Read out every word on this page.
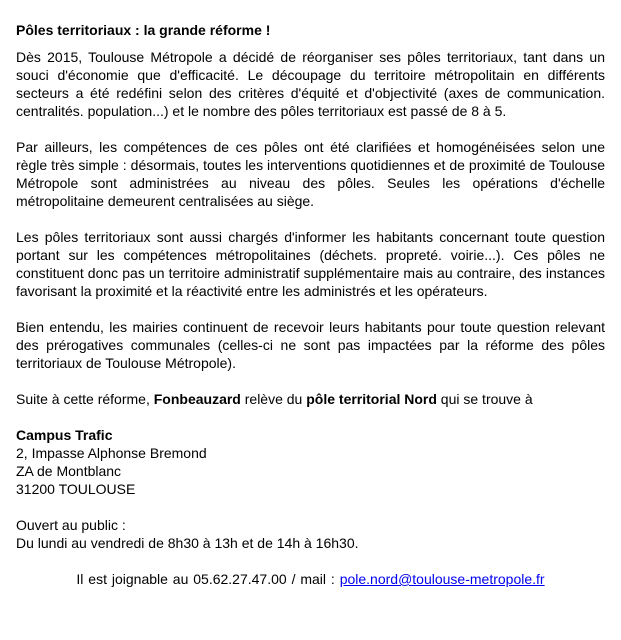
Pôles territoriaux : la grande réforme !

Dès 2015, Toulouse Métropole a décidé de réorganiser ses pôles territoriaux, tant dans un souci d'économie que d'efficacité. Le découpage du territoire métropolitain en différents secteurs a été redéfini selon des critères d'équité et d'objectivité (axes de communication. centralités. population...) et le nombre des pôles territoriaux est passé de 8 à 5.

Par ailleurs, les compétences de ces pôles ont été clarifiées et homogénéisées selon une règle très simple : désormais, toutes les interventions quotidiennes et de proximité de Toulouse Métropole sont administrées au niveau des pôles. Seules les opérations d'échelle métropolitaine demeurent centralisées au siège.

Les pôles territoriaux sont aussi chargés d'informer les habitants concernant toute question portant sur les compétences métropolitaines (déchets. propreté. voirie...). Ces pôles ne constituent donc pas un territoire administratif supplémentaire mais au contraire, des instances favorisant la proximité et la réactivité entre les administrés et les opérateurs.

Bien entendu, les mairies continuent de recevoir leurs habitants pour toute question relevant des prérogatives communales (celles-ci ne sont pas impactées par la réforme des pôles territoriaux de Toulouse Métropole).

Suite à cette réforme, Fonbeauzard relève du pôle territorial Nord qui se trouve à

Campus Trafic
2, Impasse Alphonse Bremond
ZA de Montblanc
31200 TOULOUSE
Ouvert au public :
Du lundi au vendredi de 8h30 à 13h et de 14h à 16h30.

Il est joignable au 05.62.27.47.00 / mail : pole.nord@toulouse-metropole.fr
